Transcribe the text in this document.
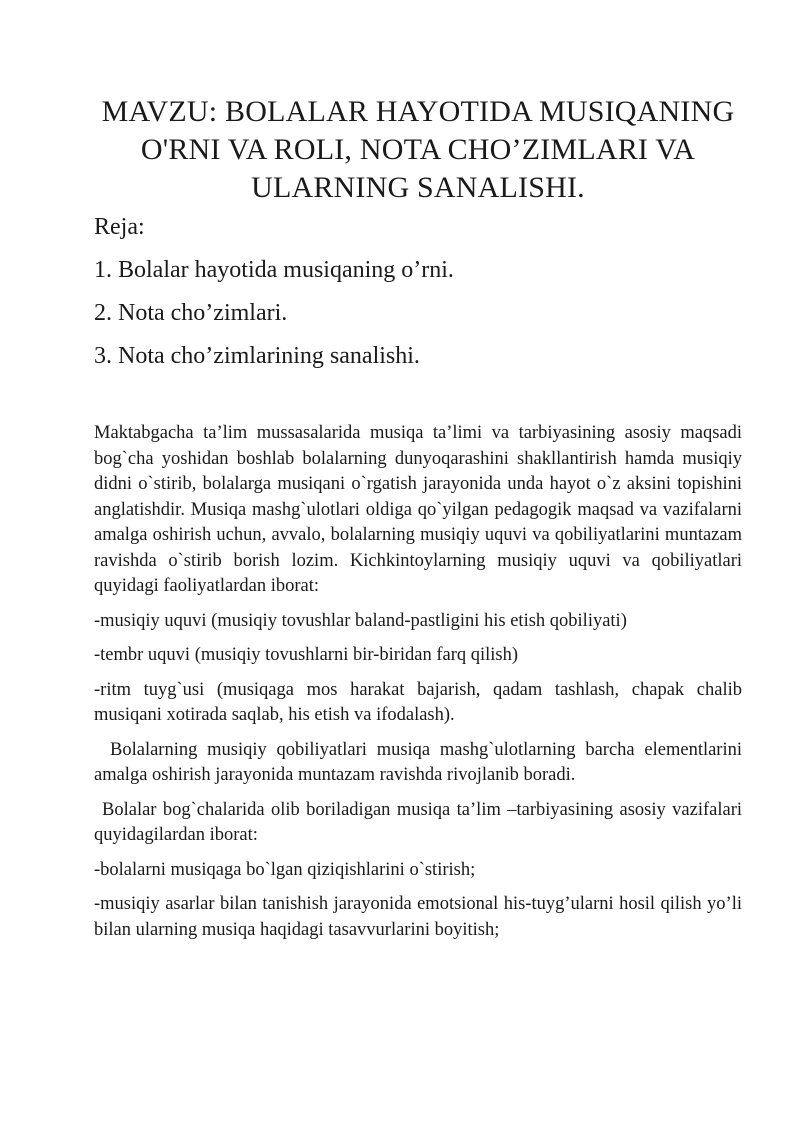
MAVZU: BOLALAR HAYOTIDA MUSIQANING O'RNI VA ROLI, NOTA CHO’ZIMLARI VA ULARNING SANALISHI.

Reja:

1. Bolalar hayotida musiqaning o’rni.

2. Nota cho’zimlari.

3. Nota cho’zimlarining sanalishi.

Maktabgacha ta’lim mussasalarida musiqa ta’limi va tarbiyasining asosiy maqsadi bog`cha yoshidan boshlab bolalarning dunyoqarashini shakllantirish hamda musiqiy didni o`stirib, bolalarga musiqani o`rgatish jarayonida unda hayot o`z aksini topishini anglatishdir. Musiqa mashg`ulotlari oldiga qo`yilgan pedagogik maqsad va vazifalarni amalga oshirish uchun, avvalo, bolalarning musiqiy uquvi va qobiliyatlarini muntazam ravishda o`stirib borish lozim. Kichkintoylarning musiqiy uquvi va qobiliyatlari quyidagi faoliyatlardan iborat:

-musiqiy uquvi (musiqiy tovushlar baland-pastligini his etish qobiliyati)

-tembr uquvi (musiqiy tovushlarni bir-biridan farq qilish)

-ritm tuyg`usi (musiqaga mos harakat bajarish, qadam tashlash, chapak chalib musiqani xotirada saqlab, his etish va ifodalash).

Bolalarning musiqiy qobiliyatlari musiqa mashg`ulotlarning barcha elementlarini amalga oshirish jarayonida muntazam ravishda rivojlanib boradi.

Bolalar bog`chalarida olib boriladigan musiqa ta’lim –tarbiyasining asosiy vazifalari quyidagilardan iborat:

-bolalarni musiqaga bo`lgan qiziqishlarini o`stirish;

-musiqiy asarlar bilan tanishish jarayonida emotsional his-tuyg’ularni hosil qilish yo’li bilan ularning musiqa haqidagi tasavvurlarini boyitish;
